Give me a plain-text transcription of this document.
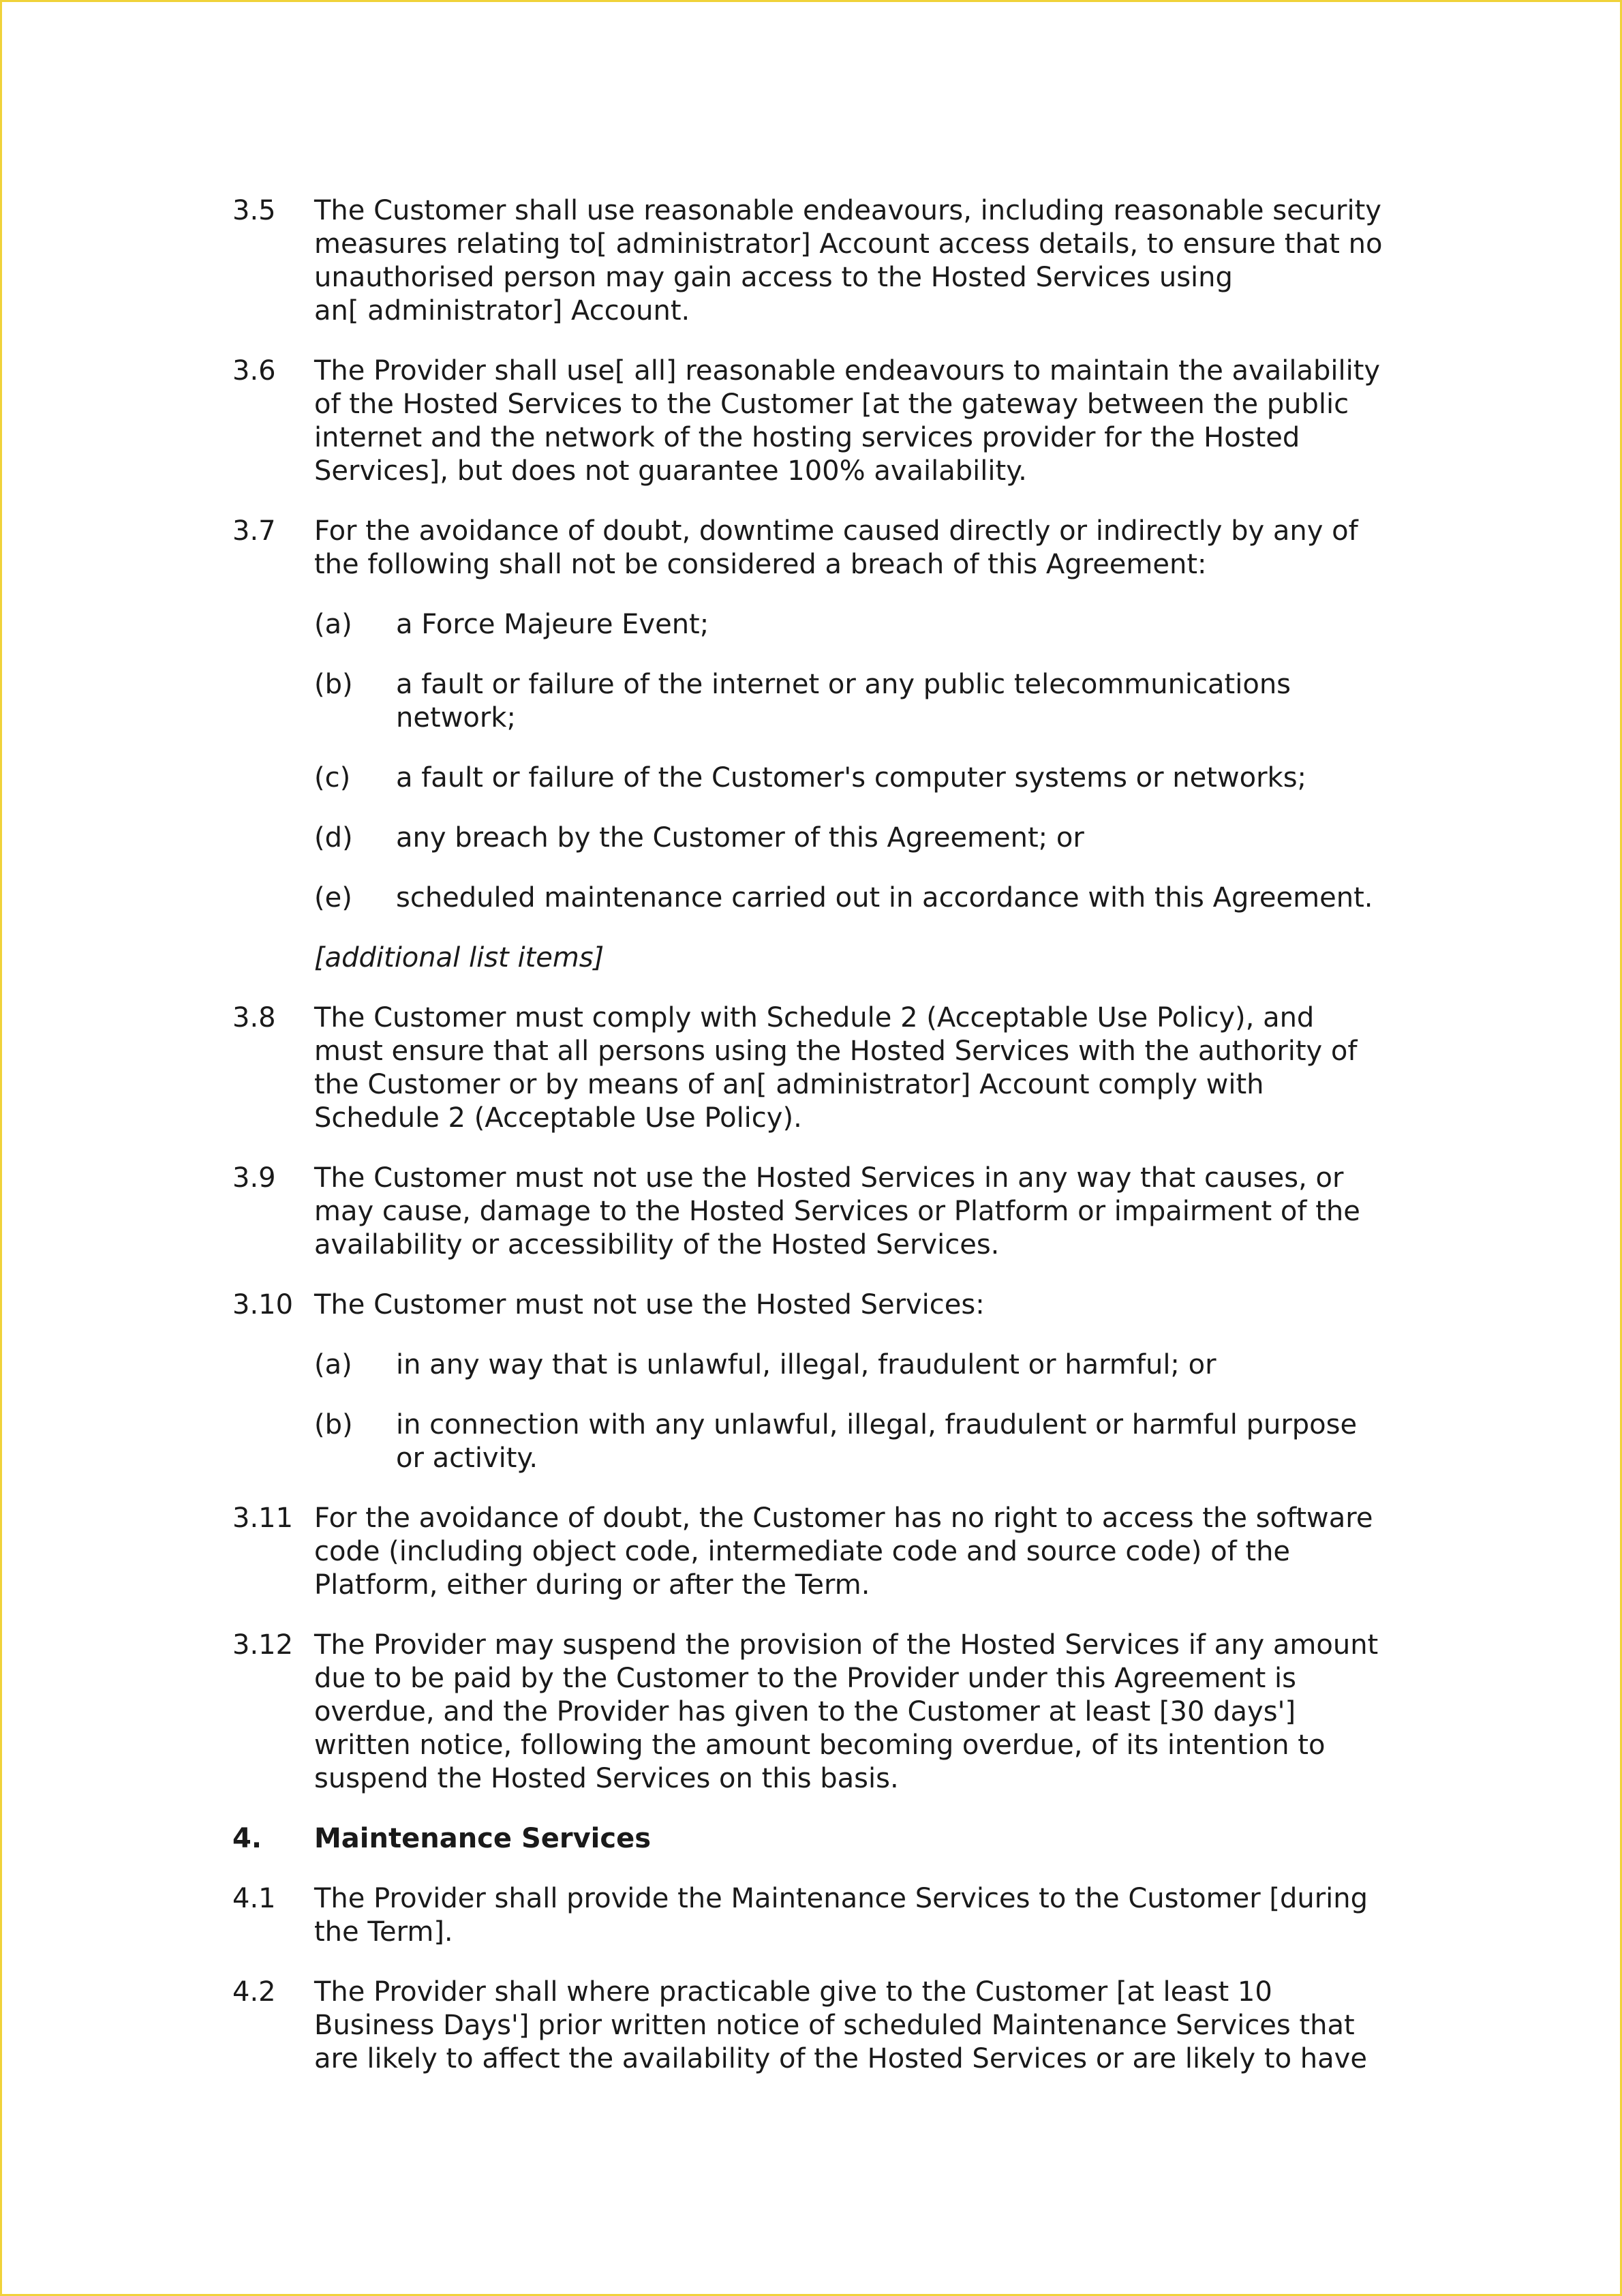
3.5	The Customer shall use reasonable endeavours, including reasonable security
measures relating to[ administrator] Account access details, to ensure that no
unauthorised person may gain access to the Hosted Services using
an[ administrator] Account.
3.6	The Provider shall use[ all] reasonable endeavours to maintain the availability
of the Hosted Services to the Customer [at the gateway between the public
internet and the network of the hosting services provider for the Hosted
Services], but does not guarantee 100% availability.
3.7	For the avoidance of doubt, downtime caused directly or indirectly by any of
the following shall not be considered a breach of this Agreement:
(a)	a Force Majeure Event;
(b)	a fault or failure of the internet or any public telecommunications
network;
(c)	a fault or failure of the Customer's computer systems or networks;
(d)	any breach by the Customer of this Agreement; or
(e)	scheduled maintenance carried out in accordance with this Agreement.
[additional list items]
3.8	The Customer must comply with Schedule 2 (Acceptable Use Policy), and
must ensure that all persons using the Hosted Services with the authority of
the Customer or by means of an[ administrator] Account comply with
Schedule 2 (Acceptable Use Policy).
3.9	The Customer must not use the Hosted Services in any way that causes, or
may cause, damage to the Hosted Services or Platform or impairment of the
availability or accessibility of the Hosted Services.
3.10 The Customer must not use the Hosted Services:
(a)	in any way that is unlawful, illegal, fraudulent or harmful; or
(b)	in connection with any unlawful, illegal, fraudulent or harmful purpose
or activity.
3.11 For the avoidance of doubt, the Customer has no right to access the software
code (including object code, intermediate code and source code) of the
Platform, either during or after the Term.
3.12 The Provider may suspend the provision of the Hosted Services if any amount
due to be paid by the Customer to the Provider under this Agreement is
overdue, and the Provider has given to the Customer at least [30 days']
written notice, following the amount becoming overdue, of its intention to
suspend the Hosted Services on this basis.
4.	Maintenance Services
4.1	The Provider shall provide the Maintenance Services to the Customer [during
the Term].
4.2	The Provider shall where practicable give to the Customer [at least 10
Business Days'] prior written notice of scheduled Maintenance Services that
are likely to affect the availability of the Hosted Services or are likely to have
